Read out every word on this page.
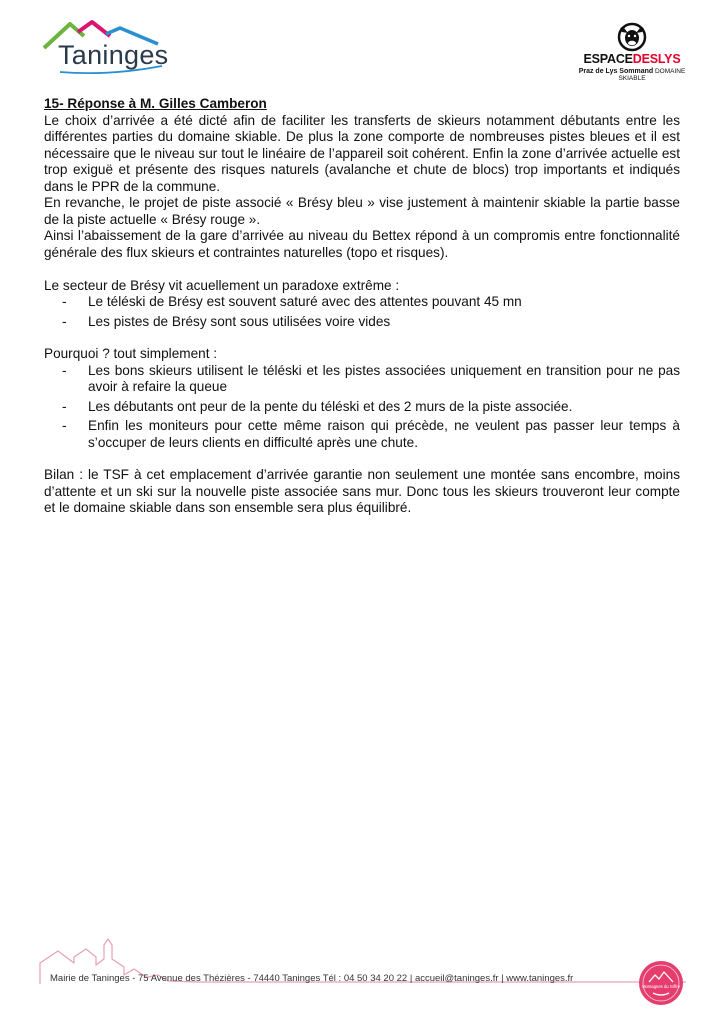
Taninges	ESPACEDESLYS
Praz de Lys Sommand DOMAINE SKIABLE

15- Réponse à M. Gilles Camberon

Le choix d’arrivée a été dicté afin de faciliter les transferts de skieurs notamment débutants entre les différentes parties du domaine skiable. De plus la zone comporte de nombreuses pistes bleues et il est nécessaire que le niveau sur tout le linéaire de l’appareil soit cohérent. Enfin la zone d’arrivée actuelle est trop exiguë et présente des risques naturels (avalanche et chute de blocs) trop importants et indiqués dans le PPR de la commune.

En revanche, le projet de piste associé « Brésy bleu » vise justement à maintenir skiable la partie basse de la piste actuelle « Brésy rouge ».

Ainsi l’abaissement de la gare d’arrivée au niveau du Bettex répond à un compromis entre fonctionnalité générale des flux skieurs et contraintes naturelles (topo et risques).

Le secteur de Brésy vit acuellement un paradoxe extrême :

- Le téléski de Brésy est souvent saturé avec des attentes pouvant 45 mn
- Les pistes de Brésy sont sous utilisées voire vides

Pourquoi ? tout simplement :

- Les bons skieurs utilisent le téléski et les pistes associées uniquement en transition pour ne pas avoir à refaire la queue
- Les débutants ont peur de la pente du téléski et des 2 murs de la piste associée.
- Enfin les moniteurs pour cette même raison qui précède, ne veulent pas passer leur temps à s’occuper de leurs clients en difficulté après une chute.

Bilan : le TSF à cet emplacement d’arrivée garantie non seulement une montée sans encombre, moins d’attente et un ski sur la nouvelle piste associée sans mur. Donc tous les skieurs trouveront leur compte et le domaine skiable dans son ensemble sera plus équilibré.

Mairie de Taninges - 75 Avenue des Thézières - 74440 Taninges Tél : 04 50 34 20 22 | accueil@taninges.fr | www.taninges.fr
Montagnes du Giffre
